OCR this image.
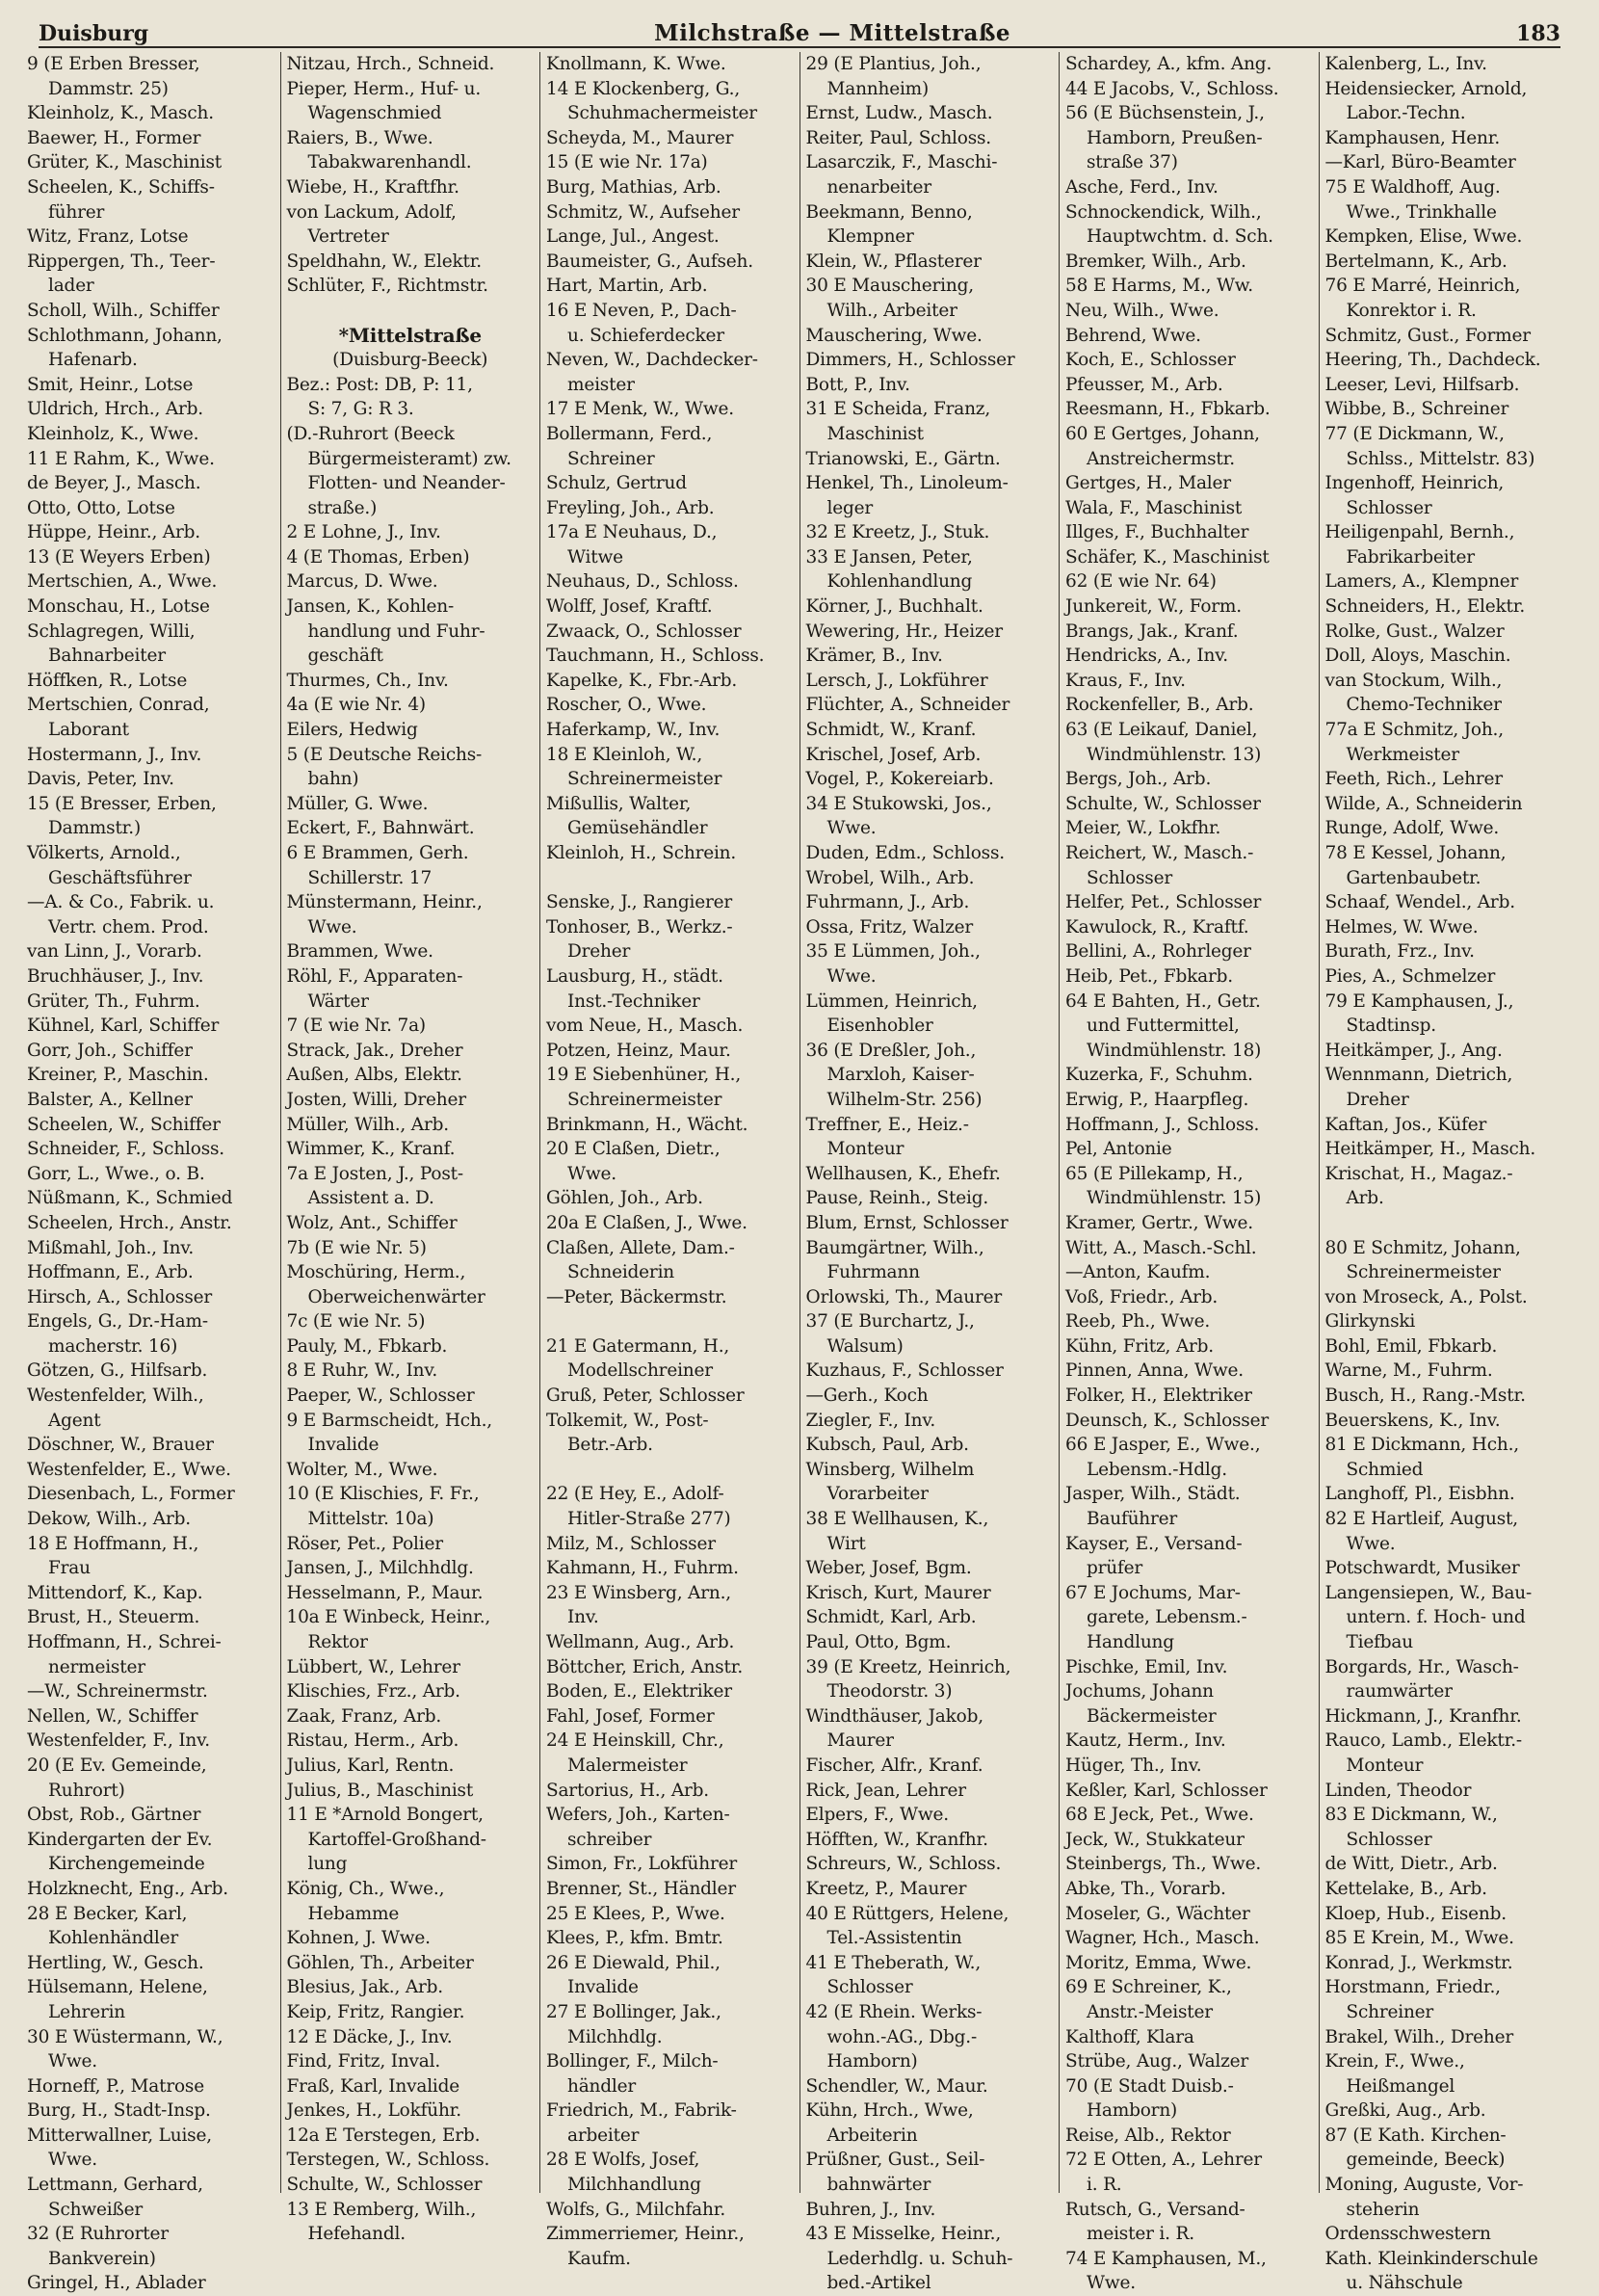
Duisburg	Milchstraße — Mittelstraße	183
9 (E Erben Bresser,
Dammstr. 25)
Kleinholz, K., Masch.
Baewer, H., Former
Grüter, K., Maschinist
Scheelen, K., Schiffs-
führer
Witz, Franz, Lotse
Rippergen, Th., Teer-
lader
Scholl, Wilh., Schiffer
Schlothmann, Johann,
Hafenarb.
Smit, Heinr., Lotse
Uldrich, Hrch., Arb.
Kleinholz, K., Wwe.
11 E Rahm, K., Wwe.
de Beyer, J., Masch.
Otto, Otto, Lotse
Hüppe, Heinr., Arb.
13 (E Weyers Erben)
Mertschien, A., Wwe.
Monschau, H., Lotse
Schlagregen, Willi,
Bahnarbeiter
Höffken, R., Lotse
Mertschien, Conrad,
Laborant
Hostermann, J., Inv.
Davis, Peter, Inv.
15 (E Bresser, Erben,
Dammstr.)
Völkerts, Arnold.,
Geschäftsführer
—A. & Co., Fabrik. u.
Vertr. chem. Prod.
van Linn, J., Vorarb.
Bruchhäuser, J., Inv.
Grüter, Th., Fuhrm.
Kühnel, Karl, Schiffer
Gorr, Joh., Schiffer
Kreiner, P., Maschin.
Balster, A., Kellner
Scheelen, W., Schiffer
Schneider, F., Schloss.
Gorr, L., Wwe., o. B.
Nüßmann, K., Schmied
Scheelen, Hrch., Anstr.
Mißmahl, Joh., Inv.
Hoffmann, E., Arb.
Hirsch, A., Schlosser
Engels, G., Dr.-Ham-
macherstr. 16)
Götzen, G., Hilfsarb.
Westenfelder, Wilh.,
Agent
Döschner, W., Brauer
Westenfelder, E., Wwe.
Diesenbach, L., Former
Dekow, Wilh., Arb.
18 E Hoffmann, H.,
Frau
Mittendorf, K., Kap.
Brust, H., Steuerm.
Hoffmann, H., Schrei-
nermeister
—W., Schreinermstr.
Nellen, W., Schiffer
Westenfelder, F., Inv.
20 (E Ev. Gemeinde,
Ruhrort)
Obst, Rob., Gärtner
Kindergarten der Ev.
Kirchengemeinde
Holzknecht, Eng., Arb.
28 E Becker, Karl,
Kohlenhändler
Hertling, W., Gesch.
Hülsemann, Helene,
Lehrerin
30 E Wüstermann, W.,
Wwe.
Horneff, P., Matrose
Burg, H., Stadt-Insp.
Mitterwallner, Luise,
Wwe.
Lettmann, Gerhard,
Schweißer
32 (E Ruhrorter
Bankverein)
Gringel, H., Ablader
Nitzau, Hrch., Schneid.
Pieper, Herm., Huf- u.
Wagenschmied
Raiers, B., Wwe.
Tabakwarenhandl.
Wiebe, H., Kraftfhr.
von Lackum, Adolf,
Vertreter
Speldhahn, W., Elektr.
Schlüter, F., Richtmstr.

*Mittelstraße
(Duisburg-Beeck)
Bez.: Post: DB, P: 11,
S: 7, G: R 3.
(D.-Ruhrort (Beeck
Bürgermeisteramt) zw.
Flotten- und Neander-
straße.)
2 E Lohne, J., Inv.
4 (E Thomas, Erben)
Marcus, D. Wwe.
Jansen, K., Kohlen-
handlung und Fuhr-
geschäft
Thurmes, Ch., Inv.
4a (E wie Nr. 4)
Eilers, Hedwig
5 (E Deutsche Reichs-
bahn)
Müller, G. Wwe.
Eckert, F., Bahnwärt.
6 E Brammen, Gerh.
Schillerstr. 17
Münstermann, Heinr.,
Wwe.
Brammen, Wwe.
Röhl, F., Apparaten-
Wärter
7 (E wie Nr. 7a)
Strack, Jak., Dreher
Außen, Albs, Elektr.
Josten, Willi, Dreher
Müller, Wilh., Arb.
Wimmer, K., Kranf.
7a E Josten, J., Post-
Assistent a. D.
Wolz, Ant., Schiffer
7b (E wie Nr. 5)
Moschüring, Herm.,
Oberweichenwärter
7c (E wie Nr. 5)
Pauly, M., Fbkarb.
8 E Ruhr, W., Inv.
Paeper, W., Schlosser
9 E Barmscheidt, Hch.,
Invalide
Wolter, M., Wwe.
10 (E Klischies, F. Fr.,
Mittelstr. 10a)
Röser, Pet., Polier
Jansen, J., Milchhdlg.
Hesselmann, P., Maur.
10a E Winbeck, Heinr.,
Rektor
Lübbert, W., Lehrer
Klischies, Frz., Arb.
Zaak, Franz, Arb.
Ristau, Herm., Arb.
Julius, Karl, Rentn.
Julius, B., Maschinist
11 E *Arnold Bongert,
Kartoffel-Großhand-
lung
König, Ch., Wwe.,
Hebamme
Kohnen, J. Wwe.
Göhlen, Th., Arbeiter
Blesius, Jak., Arb.
Keip, Fritz, Rangier.
12 E Däcke, J., Inv.
Find, Fritz, Inval.
Fraß, Karl, Invalide
Jenkes, H., Lokführ.
12a E Terstegen, Erb.
Terstegen, W., Schloss.
Schulte, W., Schlosser
13 E Remberg, Wilh.,
Hefehandl.
Knollmann, K. Wwe.
14 E Klockenberg, G.,
Schuhmachermeister
Scheyda, M., Maurer
15 (E wie Nr. 17a)
Burg, Mathias, Arb.
Schmitz, W., Aufseher
Lange, Jul., Angest.
Baumeister, G., Aufseh.
Hart, Martin, Arb.
16 E Neven, P., Dach-
u. Schieferdecker
Neven, W., Dachdecker-
meister
17 E Menk, W., Wwe.
Bollermann, Ferd.,
Schreiner
Schulz, Gertrud
Freyling, Joh., Arb.
17a E Neuhaus, D.,
Witwe
Neuhaus, D., Schloss.
Wolff, Josef, Kraftf.
Zwaack, O., Schlosser
Tauchmann, H., Schloss.
Kapelke, K., Fbr.-Arb.
Roscher, O., Wwe.
Haferkamp, W., Inv.
18 E Kleinloh, W.,
Schreinermeister
Mißullis, Walter,
Gemüsehändler
Kleinloh, H., Schrein.

Senske, J., Rangierer
Tonhoser, B., Werkz.-
Dreher
Lausburg, H., städt.
Inst.-Techniker
vom Neue, H., Masch.
Potzen, Heinz, Maur.
19 E Siebenhüner, H.,
Schreinermeister
Brinkmann, H., Wächt.
20 E Claßen, Dietr.,
Wwe.
Göhlen, Joh., Arb.
20a E Claßen, J., Wwe.
Claßen, Allete, Dam.-
Schneiderin
—Peter, Bäckermstr.

21 E Gatermann, H.,
Modellschreiner
Gruß, Peter, Schlosser
Tolkemit, W., Post-
Betr.-Arb.

22 (E Hey, E., Adolf-
Hitler-Straße 277)
Milz, M., Schlosser
Kahmann, H., Fuhrm.
23 E Winsberg, Arn.,
Inv.
Wellmann, Aug., Arb.
Böttcher, Erich, Anstr.
Boden, E., Elektriker
Fahl, Josef, Former
24 E Heinskill, Chr.,
Malermeister
Sartorius, H., Arb.
Wefers, Joh., Karten-
schreiber
Simon, Fr., Lokführer
Brenner, St., Händler
25 E Klees, P., Wwe.
Klees, P., kfm. Bmtr.
26 E Diewald, Phil.,
Invalide
27 E Bollinger, Jak.,
Milchhdlg.
Bollinger, F., Milch-
händler
Friedrich, M., Fabrik-
arbeiter
28 E Wolfs, Josef,
Milchhandlung
Wolfs, G., Milchfahr.
Zimmerriemer, Heinr.,
Kaufm.
29 (E Plantius, Joh.,
Mannheim)
Ernst, Ludw., Masch.
Reiter, Paul, Schloss.
Lasarczik, F., Maschi-
nenarbeiter
Beekmann, Benno,
Klempner
Klein, W., Pflasterer
30 E Mauschering,
Wilh., Arbeiter
Mauschering, Wwe.
Dimmers, H., Schlosser
Bott, P., Inv.
31 E Scheida, Franz,
Maschinist
Trianowski, E., Gärtn.
Henkel, Th., Linoleum-
leger
32 E Kreetz, J., Stuk.
33 E Jansen, Peter,
Kohlenhandlung
Körner, J., Buchhalt.
Wewering, Hr., Heizer
Krämer, B., Inv.
Lersch, J., Lokführer
Flüchter, A., Schneider
Schmidt, W., Kranf.
Krischel, Josef, Arb.
Vogel, P., Kokereiarb.
34 E Stukowski, Jos.,
Wwe.
Duden, Edm., Schloss.
Wrobel, Wilh., Arb.
Fuhrmann, J., Arb.
Ossa, Fritz, Walzer
35 E Lümmen, Joh.,
Wwe.
Lümmen, Heinrich,
Eisenhobler
36 (E Dreßler, Joh.,
Marxloh, Kaiser-
Wilhelm-Str. 256)
Treffner, E., Heiz.-
Monteur
Wellhausen, K., Ehefr.
Pause, Reinh., Steig.
Blum, Ernst, Schlosser
Baumgärtner, Wilh.,
Fuhrmann
Orlowski, Th., Maurer
37 (E Burchartz, J.,
Walsum)
Kuzhaus, F., Schlosser
—Gerh., Koch
Ziegler, F., Inv.
Kubsch, Paul, Arb.
Winsberg, Wilhelm
Vorarbeiter
38 E Wellhausen, K.,
Wirt
Weber, Josef, Bgm.
Krisch, Kurt, Maurer
Schmidt, Karl, Arb.
Paul, Otto, Bgm.
39 (E Kreetz, Heinrich,
Theodorstr. 3)
Windthäuser, Jakob,
Maurer
Fischer, Alfr., Kranf.
Rick, Jean, Lehrer
Elpers, F., Wwe.
Höfften, W., Kranfhr.
Schreurs, W., Schloss.
Kreetz, P., Maurer
40 E Rüttgers, Helene,
Tel.-Assistentin
41 E Theberath, W.,
Schlosser
42 (E Rhein. Werks-
wohn.-AG., Dbg.-
Hamborn)
Schendler, W., Maur.
Kühn, Hrch., Wwe,
Arbeiterin
Prüßner, Gust., Seil-
bahnwärter
Buhren, J., Inv.
43 E Misselke, Heinr.,
Lederhdlg. u. Schuh-
bed.-Artikel
Schardey, A., kfm. Ang.
44 E Jacobs, V., Schloss.
56 (E Büchsenstein, J.,
Hamborn, Preußen-
straße 37)
Asche, Ferd., Inv.
Schnockendick, Wilh.,
Hauptwchtm. d. Sch.
Bremker, Wilh., Arb.
58 E Harms, M., Ww.
Neu, Wilh., Wwe.
Behrend, Wwe.
Koch, E., Schlosser
Pfeusser, M., Arb.
Reesmann, H., Fbkarb.
60 E Gertges, Johann,
Anstreichermstr.
Gertges, H., Maler
Wala, F., Maschinist
Illges, F., Buchhalter
Schäfer, K., Maschinist
62 (E wie Nr. 64)
Junkereit, W., Form.
Brangs, Jak., Kranf.
Hendricks, A., Inv.
Kraus, F., Inv.
Rockenfeller, B., Arb.
63 (E Leikauf, Daniel,
Windmühlenstr. 13)
Bergs, Joh., Arb.
Schulte, W., Schlosser
Meier, W., Lokfhr.
Reichert, W., Masch.-
Schlosser
Helfer, Pet., Schlosser
Kawulock, R., Kraftf.
Bellini, A., Rohrleger
Heib, Pet., Fbkarb.
64 E Bahten, H., Getr.
und Futtermittel,
Windmühlenstr. 18)
Kuzerka, F., Schuhm.
Erwig, P., Haarpfleg.
Hoffmann, J., Schloss.
Pel, Antonie
65 (E Pillekamp, H.,
Windmühlenstr. 15)
Kramer, Gertr., Wwe.
Witt, A., Masch.-Schl.
—Anton, Kaufm.
Voß, Friedr., Arb.
Reeb, Ph., Wwe.
Kühn, Fritz, Arb.
Pinnen, Anna, Wwe.
Folker, H., Elektriker
Deunsch, K., Schlosser
66 E Jasper, E., Wwe.,
Lebensm.-Hdlg.
Jasper, Wilh., Städt.
Bauführer
Kayser, E., Versand-
prüfer
67 E Jochums, Mar-
garete, Lebensm.-
Handlung
Pischke, Emil, Inv.
Jochums, Johann
Bäckermeister
Kautz, Herm., Inv.
Hüger, Th., Inv.
Keßler, Karl, Schlosser
68 E Jeck, Pet., Wwe.
Jeck, W., Stukkateur
Steinbergs, Th., Wwe.
Abke, Th., Vorarb.
Moseler, G., Wächter
Wagner, Hch., Masch.
Moritz, Emma, Wwe.
69 E Schreiner, K.,
Anstr.-Meister
Kalthoff, Klara
Strübe, Aug., Walzer
70 (E Stadt Duisb.-
Hamborn)
Reise, Alb., Rektor
72 E Otten, A., Lehrer
i. R.
Rutsch, G., Versand-
meister i. R.
74 E Kamphausen, M.,
Wwe.
Kalenberg, L., Inv.
Heidensiecker, Arnold,
Labor.-Techn.
Kamphausen, Henr.
—Karl, Büro-Beamter
75 E Waldhoff, Aug.
Wwe., Trinkhalle
Kempken, Elise, Wwe.
Bertelmann, K., Arb.
76 E Marré, Heinrich,
Konrektor i. R.
Schmitz, Gust., Former
Heering, Th., Dachdeck.
Leeser, Levi, Hilfsarb.
Wibbe, B., Schreiner
77 (E Dickmann, W.,
Schlss., Mittelstr. 83)
Ingenhoff, Heinrich,
Schlosser
Heiligenpahl, Bernh.,
Fabrikarbeiter
Lamers, A., Klempner
Schneiders, H., Elektr.
Rolke, Gust., Walzer
Doll, Aloys, Maschin.
van Stockum, Wilh.,
Chemo-Techniker
77a E Schmitz, Joh.,
Werkmeister
Feeth, Rich., Lehrer
Wilde, A., Schneiderin
Runge, Adolf, Wwe.
78 E Kessel, Johann,
Gartenbaubetr.
Schaaf, Wendel., Arb.
Helmes, W. Wwe.
Burath, Frz., Inv.
Pies, A., Schmelzer
79 E Kamphausen, J.,
Stadtinsp.
Heitkämper, J., Ang.
Wennmann, Dietrich,
Dreher
Kaftan, Jos., Küfer
Heitkämper, H., Masch.
Krischat, H., Magaz.-
Arb.

80 E Schmitz, Johann,
Schreinermeister
von Mroseck, A., Polst.
Glirkynski
Bohl, Emil, Fbkarb.
Warne, M., Fuhrm.
Busch, H., Rang.-Mstr.
Beuerskens, K., Inv.
81 E Dickmann, Hch.,
Schmied
Langhoff, Pl., Eisbhn.
82 E Hartleif, August,
Wwe.
Potschwardt, Musiker
Langensiepen, W., Bau-
untern. f. Hoch- und
Tiefbau
Borgards, Hr., Wasch-
raumwärter
Hickmann, J., Kranfhr.
Rauco, Lamb., Elektr.-
Monteur
Linden, Theodor
83 E Dickmann, W.,
Schlosser
de Witt, Dietr., Arb.
Kettelake, B., Arb.
Kloep, Hub., Eisenb.
85 E Krein, M., Wwe.
Konrad, J., Werkmstr.
Horstmann, Friedr.,
Schreiner
Brakel, Wilh., Dreher
Krein, F., Wwe.,
Heißmangel
Greßki, Aug., Arb.
87 (E Kath. Kirchen-
gemeinde, Beeck)
Moning, Auguste, Vor-
steherin
Ordensschwestern
Kath. Kleinkinderschule
u. Nähschule
